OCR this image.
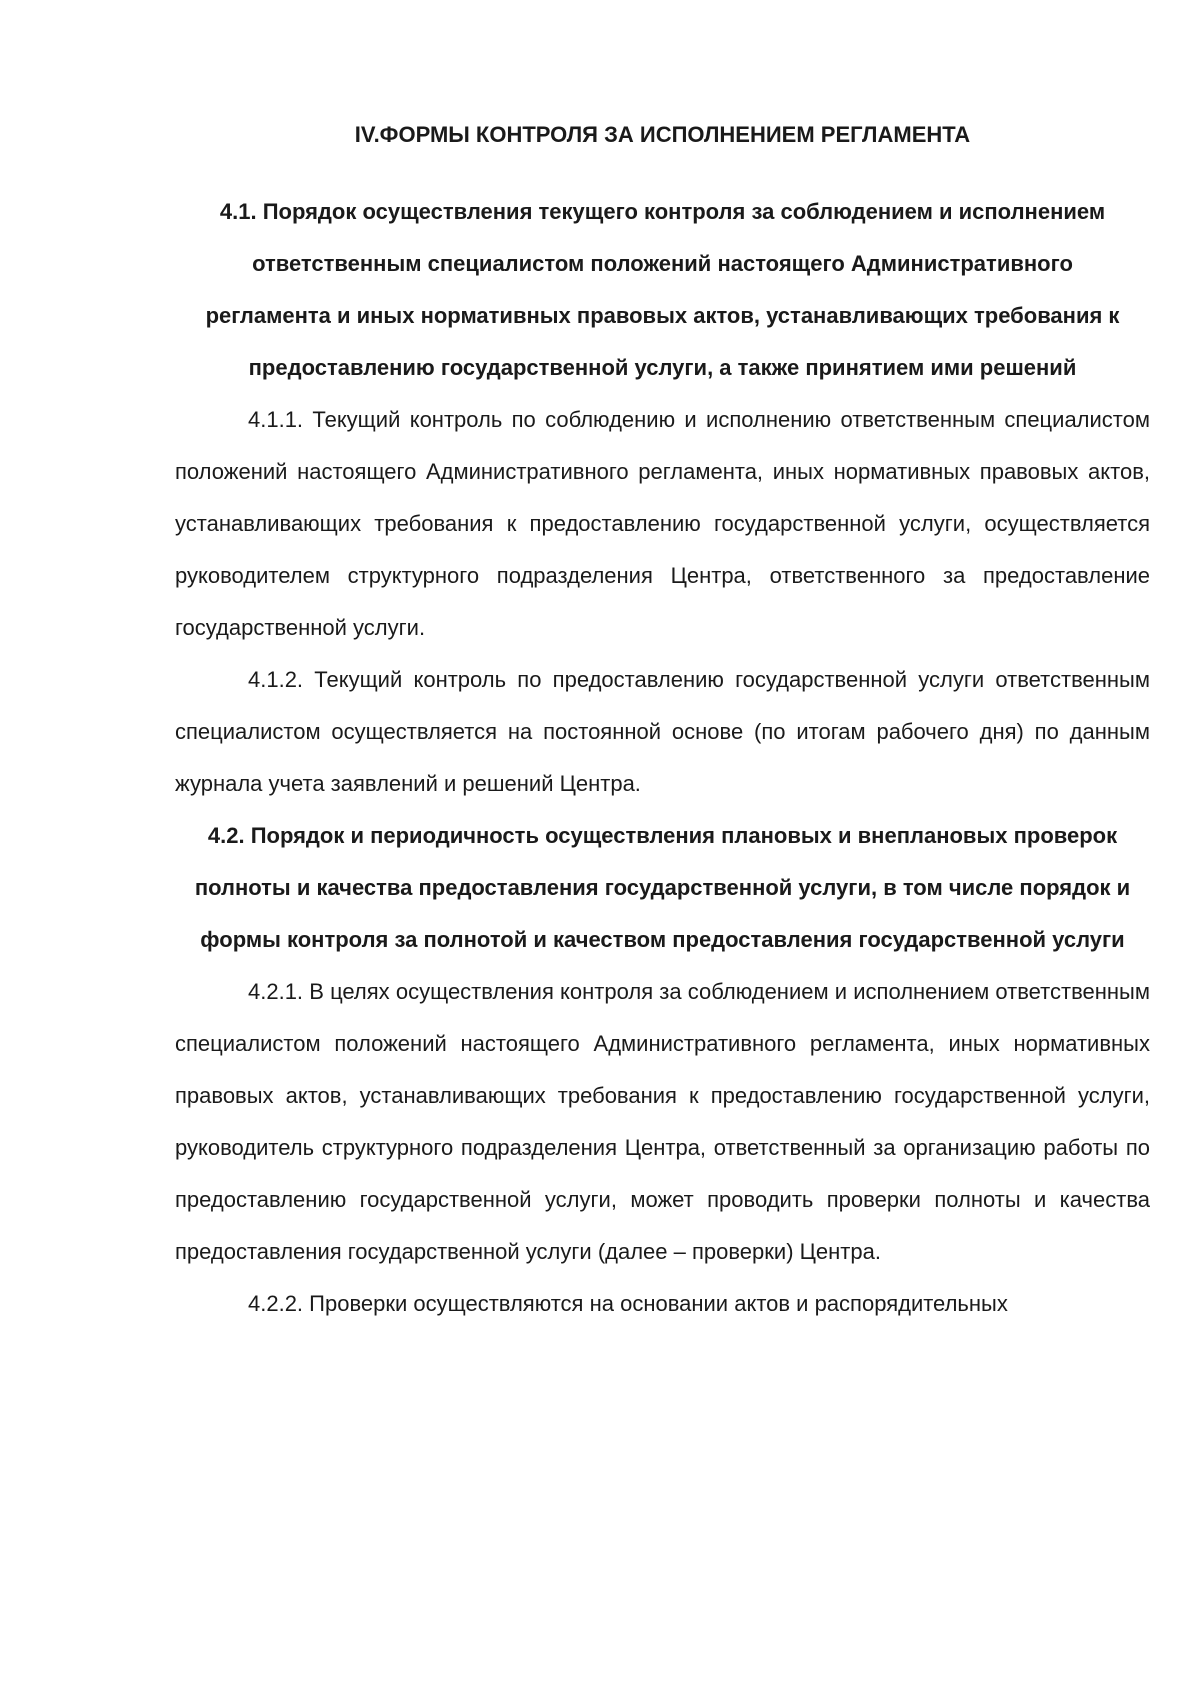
IV.ФОРМЫ КОНТРОЛЯ ЗА ИСПОЛНЕНИЕМ РЕГЛАМЕНТА
4.1. Порядок осуществления текущего контроля за соблюдением и исполнением ответственным специалистом положений настоящего Административного регламента и иных нормативных правовых актов, устанавливающих требования к предоставлению государственной услуги, а также принятием ими решений

4.1.1. Текущий контроль по соблюдению и исполнению ответственным специалистом положений настоящего Административного регламента, иных нормативных правовых актов, устанавливающих требования к предоставлению государственной услуги, осуществляется руководителем структурного подразделения Центра, ответственного за предоставление государственной услуги.

4.1.2. Текущий контроль по предоставлению государственной услуги ответственным специалистом осуществляется на постоянной основе (по итогам рабочего дня) по данным журнала учета заявлений и решений Центра.

4.2. Порядок и периодичность осуществления плановых и внеплановых проверок полноты и качества предоставления государственной услуги, в том числе порядок и формы контроля за полнотой и качеством предоставления государственной услуги

4.2.1. В целях осуществления контроля за соблюдением и исполнением ответственным специалистом положений настоящего Административного регламента, иных нормативных правовых актов, устанавливающих требования к предоставлению государственной услуги, руководитель структурного подразделения Центра, ответственный за организацию работы по предоставлению государственной услуги, может проводить проверки полноты и качества предоставления государственной услуги (далее – проверки) Центра.

4.2.2. Проверки осуществляются на основании актов и распорядительных
